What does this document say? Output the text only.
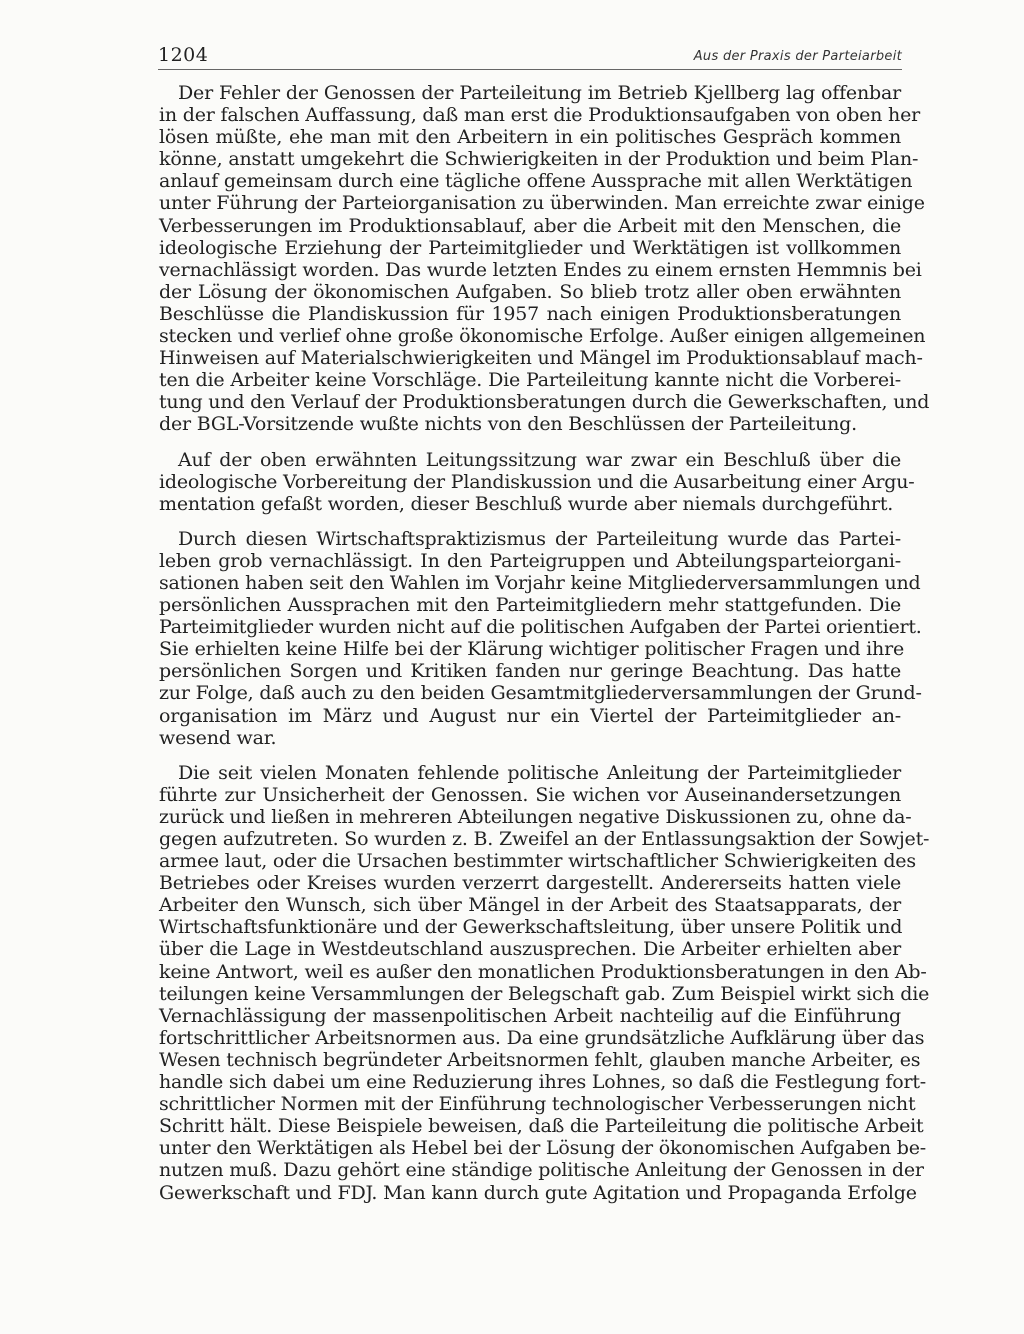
1204	Aus der Praxis der Parteiarbeit
Der Fehler der Genossen der Parteileitung im Betrieb Kjellberg lag offenbar
in der falschen Auffassung, daß man erst die Produktionsaufgaben von oben her
lösen müßte, ehe man mit den Arbeitern in ein politisches Gespräch kommen
könne, anstatt umgekehrt die Schwierigkeiten in der Produktion und beim Plan-
anlauf gemeinsam durch eine tägliche offene Aussprache mit allen Werktätigen
unter Führung der Parteiorganisation zu überwinden. Man erreichte zwar einige
Verbesserungen im Produktionsablauf, aber die Arbeit mit den Menschen, die
ideologische Erziehung der Parteimitglieder und Werktätigen ist vollkommen
vernachlässigt worden. Das wurde letzten Endes zu einem ernsten Hemmnis bei
der Lösung der ökonomischen Aufgaben. So blieb trotz aller oben erwähnten
Beschlüsse die Plandiskussion für 1957 nach einigen Produktionsberatungen
stecken und verlief ohne große ökonomische Erfolge. Außer einigen allgemeinen
Hinweisen auf Materialschwierigkeiten und Mängel im Produktionsablauf mach-
ten die Arbeiter keine Vorschläge. Die Parteileitung kannte nicht die Vorberei-
tung und den Verlauf der Produktionsberatungen durch die Gewerkschaften, und
der BGL-Vorsitzende wußte nichts von den Beschlüssen der Parteileitung.
Auf der oben erwähnten Leitungssitzung war zwar ein Beschluß über die
ideologische Vorbereitung der Plandiskussion und die Ausarbeitung einer Argu-
mentation gefaßt worden, dieser Beschluß wurde aber niemals durchgeführt.
Durch diesen Wirtschaftspraktizismus der Parteileitung wurde das Partei-
leben grob vernachlässigt. In den Parteigruppen und Abteilungsparteiorgani-
sationen haben seit den Wahlen im Vorjahr keine Mitgliederversammlungen und
persönlichen Aussprachen mit den Parteimitgliedern mehr stattgefunden. Die
Parteimitglieder wurden nicht auf die politischen Aufgaben der Partei orientiert.
Sie erhielten keine Hilfe bei der Klärung wichtiger politischer Fragen und ihre
persönlichen Sorgen und Kritiken fanden nur geringe Beachtung. Das hatte
zur Folge, daß auch zu den beiden Gesamtmitgliederversammlungen der Grund-
organisation im März und August nur ein Viertel der Parteimitglieder an-
wesend war.
Die seit vielen Monaten fehlende politische Anleitung der Parteimitglieder
führte zur Unsicherheit der Genossen. Sie wichen vor Auseinandersetzungen
zurück und ließen in mehreren Abteilungen negative Diskussionen zu, ohne da-
gegen aufzutreten. So wurden z. B. Zweifel an der Entlassungsaktion der Sowjet-
armee laut, oder die Ursachen bestimmter wirtschaftlicher Schwierigkeiten des
Betriebes oder Kreises wurden verzerrt dargestellt. Andererseits hatten viele
Arbeiter den Wunsch, sich über Mängel in der Arbeit des Staatsapparats, der
Wirtschaftsfunktionäre und der Gewerkschaftsleitung, über unsere Politik und
über die Lage in Westdeutschland auszusprechen. Die Arbeiter erhielten aber
keine Antwort, weil es außer den monatlichen Produktionsberatungen in den Ab-
teilungen keine Versammlungen der Belegschaft gab. Zum Beispiel wirkt sich die
Vernachlässigung der massenpolitischen Arbeit nachteilig auf die Einführung
fortschrittlicher Arbeitsnormen aus. Da eine grundsätzliche Aufklärung über das
Wesen technisch begründeter Arbeitsnormen fehlt, glauben manche Arbeiter, es
handle sich dabei um eine Reduzierung ihres Lohnes, so daß die Festlegung fort-
schrittlicher Normen mit der Einführung technologischer Verbesserungen nicht
Schritt hält. Diese Beispiele beweisen, daß die Parteileitung die politische Arbeit
unter den Werktätigen als Hebel bei der Lösung der ökonomischen Aufgaben be-
nutzen muß. Dazu gehört eine ständige politische Anleitung der Genossen in der
Gewerkschaft und FDJ. Man kann durch gute Agitation und Propaganda Erfolge
